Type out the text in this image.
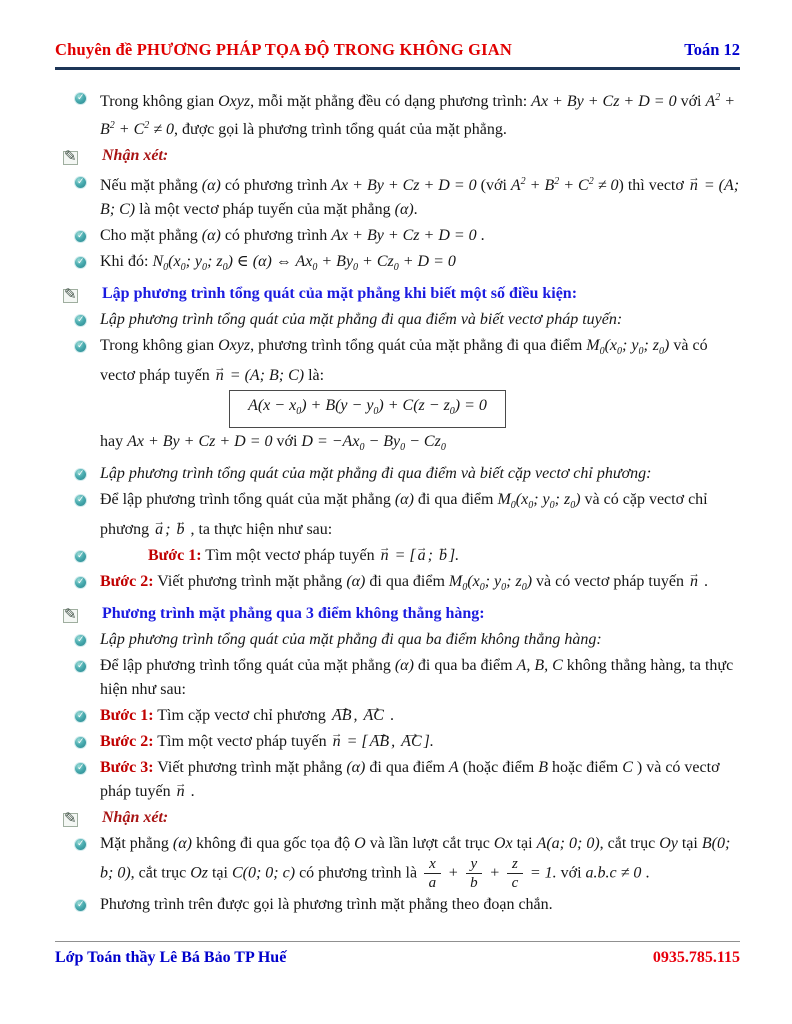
Chuyên đề PHƯƠNG PHÁP TỌA ĐỘ TRONG KHÔNG GIAN	Toán 12
✓
Trong không gian Oxyz, mỗi mặt phẳng đều có dạng phương trình: Ax + By + Cz + D = 0 với $A^2 + B^2 + C^2 \ne 0$, được gọi là phương trình tổng quát của mặt phẳng.
✎
Nhận xét:
✓
Nếu mặt phẳng (α) có phương trình Ax + By + Cz + D = 0 (với $A^2 + B^2 + C^2 \ne 0$) thì vectơ n → = (A; B; C) là một vectơ pháp tuyến của mặt phẳng (α).
✓
Cho mặt phẳng (α) có phương trình Ax + By + Cz + D = 0 .
✓
Khi đó: $N_0(x_0$; $y_0$; $z_0$) ∈ (α) ⇔ $Ax_0 + By_0 + Cz_0 + D = 0$
✎
Lập phương trình tổng quát của mặt phẳng khi biết một số điều kiện:
✓
Lập phương trình tổng quát của mặt phẳng đi qua điểm và biết vectơ pháp tuyến:
✓
Trong không gian Oxyz, phương trình tổng quát của mặt phẳng đi qua điểm $M_0(x_0$; $y_0$; $z_0$) và có vectơ pháp tuyến n → = (A; B; C) là:
$A(x - x_0) + B(y - y_0) + C(z - z_0) = 0$
hay Ax + By + Cz + D = 0 với $D = -Ax_0 - By_0 - Cz_0$
✓
Lập phương trình tổng quát của mặt phẳng đi qua điểm và biết cặp vectơ chỉ phương:
✓
Để lập phương trình tổng quát của mặt phẳng (α) đi qua điểm $M_0(x_0$; $y_0$; $z_0$) và có cặp vectơ chỉ phương a → ; b → , ta thực hiện như sau:
✓
Bước 1: Tìm một vectơ pháp tuyến n → = [ a → ; b → ].
✓
Bước 2: Viết phương trình mặt phẳng (α) đi qua điểm $M_0(x_0$; $y_0$; $z_0$) và có vectơ pháp tuyến n → .
✎
Phương trình mặt phẳng qua 3 điểm không thẳng hàng:
✓
Lập phương trình tổng quát của mặt phẳng đi qua ba điểm không thẳng hàng:
✓
Để lập phương trình tổng quát của mặt phẳng (α) đi qua ba điểm A, B, C không thẳng hàng, ta thực hiện như sau:
✓
Bước 1: Tìm cặp vectơ chỉ phương AB → , AC → .
✓
Bước 2: Tìm một vectơ pháp tuyến n → = [ AB → , AC → ].
✓
Bước 3: Viết phương trình mặt phẳng (α) đi qua điểm A (hoặc điểm B hoặc điểm C ) và có vectơ pháp tuyến n → .
✎
Nhận xét:
✓
Mặt phẳng (α) không đi qua gốc tọa độ O và lần lượt cắt trục Ox tại A(a; 0; 0), cắt trục Oy tại B(0; b; 0), cắt trục Oz tại C(0; 0; c) có phương trình là $\frac{x}{a} + \frac{y}{b} + \frac{z}{c} = 1$. với a.b.c ≠ 0 .
✓
Phương trình trên được gọi là phương trình mặt phẳng theo đoạn chắn.
Lớp Toán thầy Lê Bá Bảo TP Huế	0935.785.115
